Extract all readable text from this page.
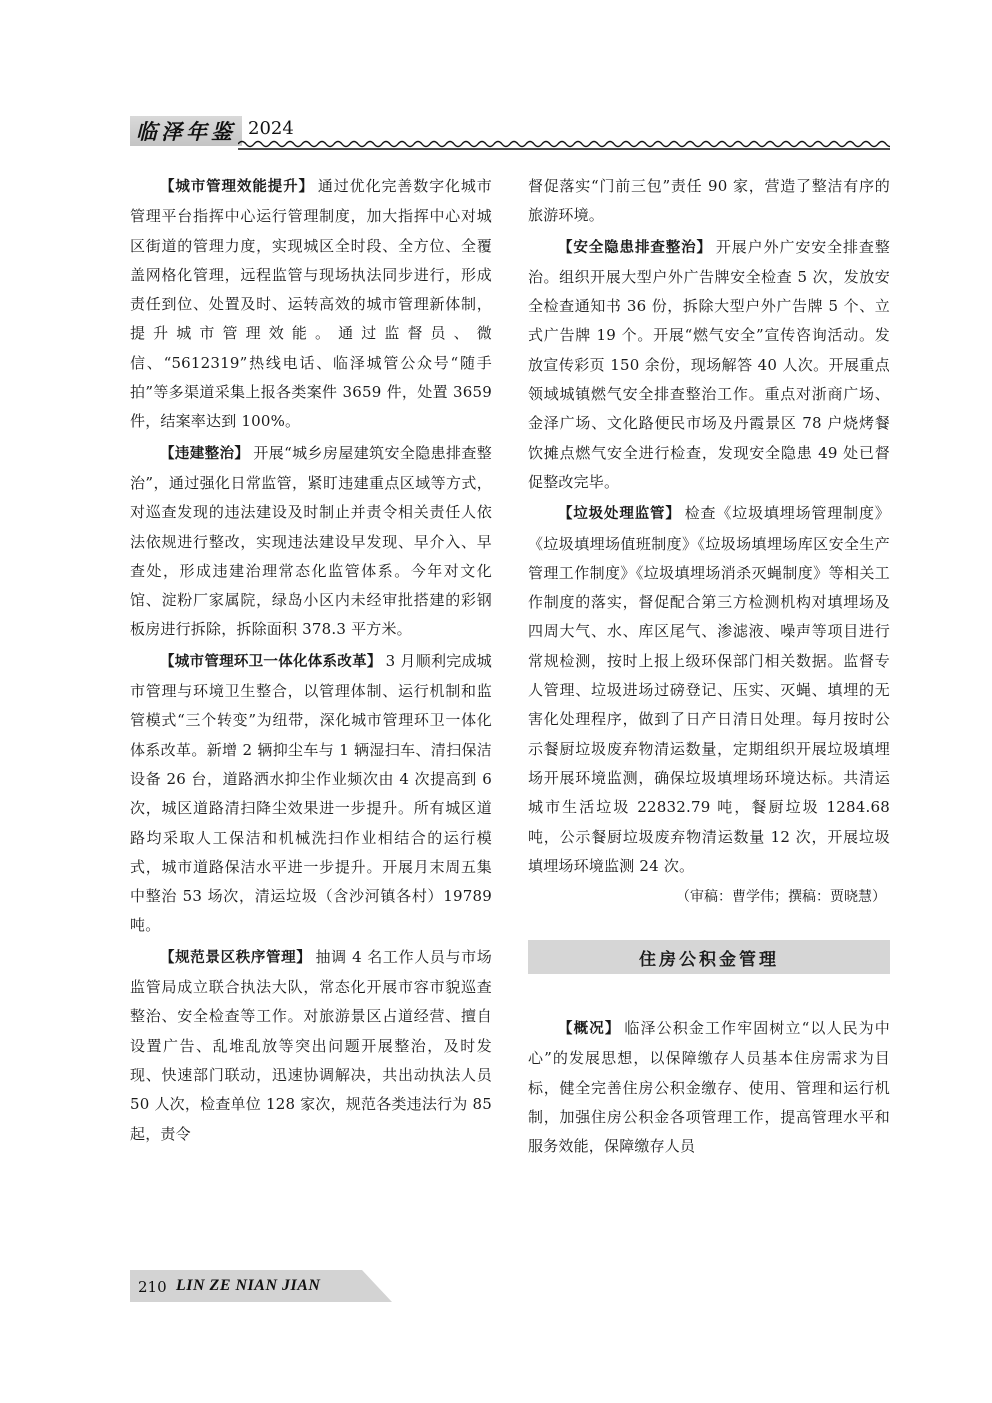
临泽年鉴 2024

【城市管理效能提升】 通过优化完善数字化城市管理平台指挥中心运行管理制度，加大指挥中心对城区街道的管理力度，实现城区全时段、全方位、全覆盖网格化管理，远程监管与现场执法同步进行，形成责任到位、处置及时、运转高效的城市管理新体制，提升城市管理效能。通过监督员、微信、“5612319”热线电话、临泽城管公众号“随手拍”等多渠道采集上报各类案件 3659 件，处置 3659 件，结案率达到 100%。

【违建整治】 开展“城乡房屋建筑安全隐患排查整治”，通过强化日常监管，紧盯违建重点区域等方式，对巡查发现的违法建设及时制止并责令相关责任人依法依规进行整改，实现违法建设早发现、早介入、早查处，形成违建治理常态化监管体系。今年对文化馆、淀粉厂家属院，绿岛小区内未经审批搭建的彩钢板房进行拆除，拆除面积 378.3 平方米。

【城市管理环卫一体化体系改革】 3 月顺利完成城市管理与环境卫生整合，以管理体制、运行机制和监管模式“三个转变”为纽带，深化城市管理环卫一体化体系改革。新增 2 辆抑尘车与 1 辆湿扫车、清扫保洁设备 26 台，道路洒水抑尘作业频次由 4 次提高到 6 次，城区道路清扫降尘效果进一步提升。所有城区道路均采取人工保洁和机械洗扫作业相结合的运行模式，城市道路保洁水平进一步提升。开展月末周五集中整治 53 场次，清运垃圾（含沙河镇各村）19789 吨。

【规范景区秩序管理】 抽调 4 名工作人员与市场监管局成立联合执法大队，常态化开展市容市貌巡查整治、安全检查等工作。对旅游景区占道经营、擅自设置广告、乱堆乱放等突出问题开展整治，及时发现、快速部门联动，迅速协调解决，共出动执法人员 50 人次，检查单位 128 家次，规范各类违法行为 85 起，责令

督促落实“门前三包”责任 90 家，营造了整洁有序的旅游环境。

【安全隐患排查整治】 开展户外广安安全排查整治。组织开展大型户外广告牌安全检查 5 次，发放安全检查通知书 36 份，拆除大型户外广告牌 5 个、立式广告牌 19 个。开展“燃气安全”宣传咨询活动。发放宣传彩页 150 余份，现场解答 40 人次。开展重点领域城镇燃气安全排查整治工作。重点对浙商广场、金泽广场、文化路便民市场及丹霞景区 78 户烧烤餐饮摊点燃气安全进行检查，发现安全隐患 49 处已督促整改完毕。

【垃圾处理监管】 检查《垃圾填埋场管理制度》《垃圾填埋场值班制度》《垃圾场填埋场库区安全生产管理工作制度》《垃圾填埋场消杀灭蝇制度》等相关工作制度的落实，督促配合第三方检测机构对填埋场及四周大气、水、库区尾气、渗滤液、噪声等项目进行常规检测，按时上报上级环保部门相关数据。监督专人管理、垃圾进场过磅登记、压实、灭蝇、填埋的无害化处理程序，做到了日产日清日处理。每月按时公示餐厨垃圾废弃物清运数量，定期组织开展垃圾填埋场开展环境监测，确保垃圾填埋场环境达标。共清运城市生活垃圾 22832.79 吨，餐厨垃圾 1284.68 吨，公示餐厨垃圾废弃物清运数量 12 次，开展垃圾填埋场环境监测 24 次。

（审稿：曹学伟；撰稿：贾晓慧）
住房公积金管理

【概况】 临泽公积金工作牢固树立“以人民为中心”的发展思想，以保障缴存人员基本住房需求为目标，健全完善住房公积金缴存、使用、管理和运行机制，加强住房公积金各项管理工作，提高管理水平和服务效能，保障缴存人员

210 LIN ZE NIAN JIAN
